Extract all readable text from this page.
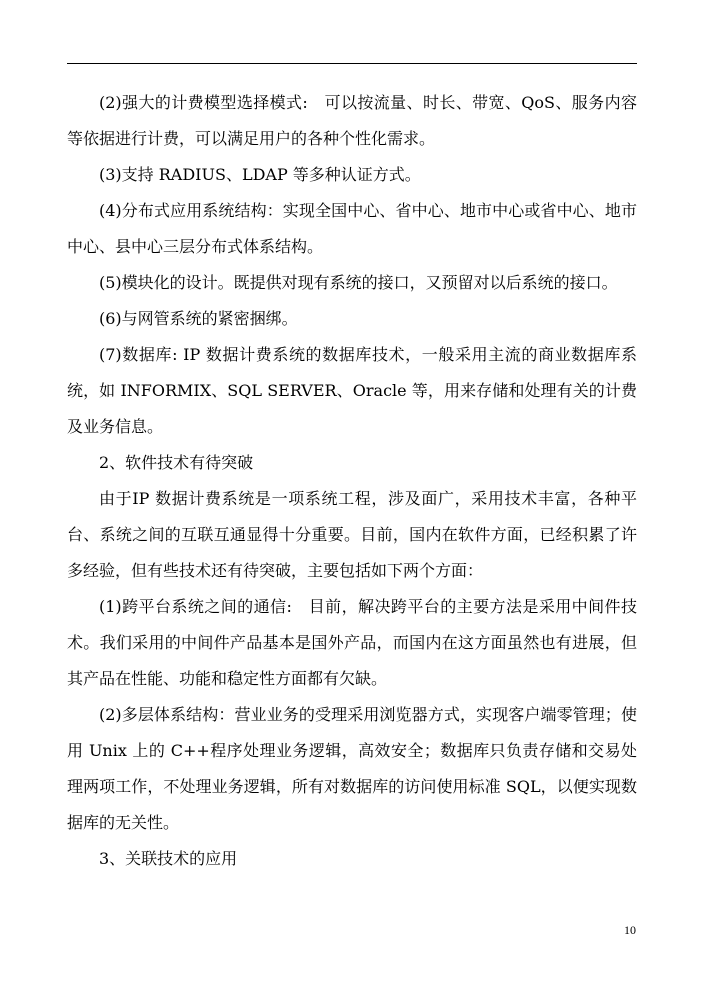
(2)强大的计费模型选择模式:　可以按流量、时长、带宽、QoS、服务内容等依据进行计费，可以满足用户的各种个性化需求。

(3)支持 RADIUS、LDAP 等多种认证方式。

(4)分布式应用系统结构：实现全国中心、省中心、地市中心或省中心、地市中心、县中心三层分布式体系结构。

(5)模块化的设计。既提供对现有系统的接口，又预留对以后系统的接口。

(6)与网管系统的紧密捆绑。

(7)数据库: IP 数据计费系统的数据库技术，一般采用主流的商业数据库系统，如 INFORMIX、SQL SERVER、Oracle 等，用来存储和处理有关的计费及业务信息。

2、软件技术有待突破

由于IP 数据计费系统是一项系统工程，涉及面广，采用技术丰富，各种平台、系统之间的互联互通显得十分重要。目前，国内在软件方面，已经积累了许多经验，但有些技术还有待突破，主要包括如下两个方面：

(1)跨平台系统之间的通信:　目前，解决跨平台的主要方法是采用中间件技术。我们采用的中间件产品基本是国外产品，而国内在这方面虽然也有进展，但其产品在性能、功能和稳定性方面都有欠缺。

(2)多层体系结构：营业业务的受理采用浏览器方式，实现客户端零管理；使用 Unix 上的 C++程序处理业务逻辑，高效安全；数据库只负责存储和交易处理两项工作，不处理业务逻辑，所有对数据库的访问使用标准 SQL，以便实现数据库的无关性。

3、关联技术的应用

10
